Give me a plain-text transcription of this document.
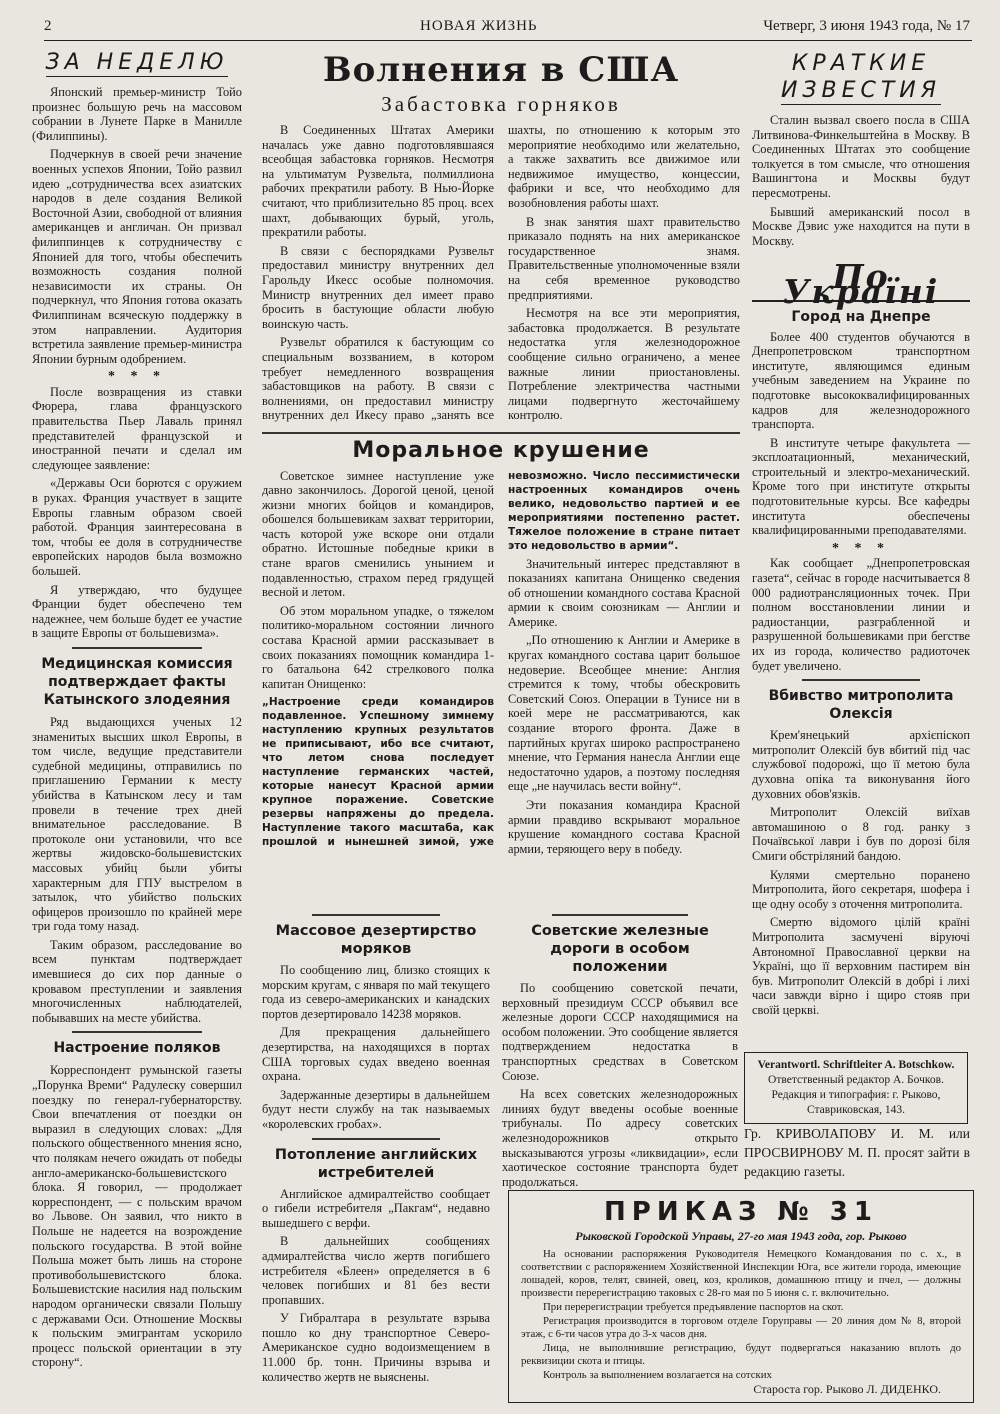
2	НОВАЯ ЖИЗНЬ	Четверг, 3 июня 1943 года, № 17
ЗА НЕДЕЛЮ

Японский премьер-министр Тойо произнес большую речь на массовом собрании в Лунете Парке в Манилле (Филиппины).

Подчеркнув в своей речи значение военных успехов Японии, Тойо развил идею „сотрудничества всех азиатских народов в деле создания Великой Восточной Азии, свободной от влияния американцев и англичан. Он призвал филиппинцев к сотрудничеству с Японией для того, чтобы обеспечить возможность создания полной независимости их страны. Он подчеркнул, что Япония готова оказать Филиппинам всяческую поддержку в этом направлении. Аудитория встретила заявление премьер-министра Японии бурным одобрением.

* * *

После возвращения из ставки Фюрера, глава французского правительства Пьер Лаваль принял представителей французской и иностранной печати и сделал им следующее заявление:

«Державы Оси борются с оружием в руках. Франция участвует в защите Европы главным образом своей работой. Франция заинтересована в том, чтобы ее доля в сотрудничестве европейских народов была возможно большей.

Я утверждаю, что будущее Франции будет обеспечено тем надежнее, чем больше будет ее участие в защите Европы от большевизма».

Медицинская комиссия подтверждает факты Катынского злодеяния

Ряд выдающихся ученых 12 знаменитых высших школ Европы, в том числе, ведущие представители судебной медицины, отправились по приглашению Германии к месту убийства в Катынском лесу и там провели в течение трех дней внимательное расследование. В протоколе они установили, что все жертвы жидовско-большевистских массовых убийц были убиты характерным для ГПУ выстрелом в затылок, что убийство польских офицеров произошло по крайней мере три года тому назад.

Таким образом, расследование во всем пунктам подтверждает имевшиеся до сих пор данные о кровавом преступлении и заявления многочисленных наблюдателей, побывавших на месте убийства.

Настроение поляков

Корреспондент румынской газеты „Порунка Времи“ Радулеску совершил поездку по генерал-губернаторству. Свои впечатления от поездки он выразил в следующих словах: „Для польского общественного мнения ясно, что полякам нечего ожидать от победы англо-американско-большевистского блока. Я говорил, — продолжает корреспондент, — с польским врачом во Львове. Он заявил, что никто в Польше не надеется на возрождение польского государства. В этой войне Польша может быть лишь на стороне противобольшевистского блока. Большевистские насилия над польским народом органически связали Польшу с державами Оси. Отношение Москвы к польским эмигрантам ускорило процесс польской ориентации в эту сторону“.

Волнения в США
Забастовка горняков

В Соединенных Штатах Америки началась уже давно подготовлявшаяся всеобщая забастовка горняков. Несмотря на ультиматум Рузвельта, полмиллиона рабочих прекратили работу. В Нью-Йорке считают, что приблизительно 85 проц. всех шахт, добывающих бурый, уголь, прекратили работы.

В связи с беспорядками Рузвельт предоставил министру внутренних дел Гарольду Икесс особые полномочия. Министр внутренних дел имеет право бросить в бастующие области любую воинскую часть.

Рузвельт обратился к бастующим со специальным воззванием, в котором требует немедленного возвращения забастовщиков на работу. В связи с волнениями, он предоставил министру внутренних дел Икесу право „занять все шахты, по отношению к которым это мероприятие необходимо или желательно, а также захватить все движимое или недвижимое имущество, концессии, фабрики и все, что необходимо для возобновления работы шахт.

В знак занятия шахт правительство приказало поднять на них американское государственное знамя. Правительственные уполномоченные взяли на себя временное руководство предприятиями.

Несмотря на все эти мероприятия, забастовка продолжается. В результате недостатка угля железнодорожное сообщение сильно ограничено, а менее важные линии приостановлены. Потребление электричества частными лицами подвергнуто жесточайшему контролю.

Моральное крушение

Советское зимнее наступление уже давно закончилось. Дорогой ценой, ценой жизни многих бойцов и командиров, обошелся большевикам захват территории, часть которой уже вскоре они отдали обратно. Истошные победные крики в стане врагов сменились унынием и подавленностью, страхом перед грядущей весной и летом.

Об этом моральном упадке, о тяжелом политико-моральном состоянии личного состава Красной армии рассказывает в своих показаниях помощник командира 1-го батальона 642 стрелкового полка капитан Онищенко:

„Настроение среди командиров подавленное. Успешному зимнему наступлению крупных результатов не приписывают, ибо все считают, что летом снова последует наступление германских частей, которые нанесут Красной армии крупное поражение. Советские резервы напряжены до предела. Наступление такого масштаба, как прошлой и нынешней зимой, уже невозможно. Число пессимистически настроенных командиров очень велико, недовольство партией и ее мероприятиями постепенно растет. Тяжелое положение в стране питает это недовольство в армии“.

Значительный интерес представляют в показаниях капитана Онищенко сведения об отношении командного состава Красной армии к своим союзникам — Англии и Америке.

„По отношению к Англии и Америке в кругах командного состава царит большое недоверие. Всеобщее мнение: Англия стремится к тому, чтобы обескровить Советский Союз. Операции в Тунисе ни в коей мере не рассматриваются, как создание второго фронта. Даже в партийных кругах широко распространено мнение, что Германия нанесла Англии еще недостаточно ударов, а поэтому последняя еще „не научилась вести войну“.

Эти показания командира Красной армии правдиво вскрывают моральное крушение командного состава Красной армии, теряющего веру в победу.

Массовое дезертирство моряков

По сообщению лиц, близко стоящих к морским кругам, с января по май текущего года из северо-американских и канадских портов дезертировало 14238 моряков.

Для прекращения дальнейшего дезертирства, на находящихся в портах США торговых судах введено военная охрана.

Задержанные дезертиры в дальнейшем будут нести службу на так называемых «королевских гробах».

Потопление английских истребителей

Английское адмиралтейство сообщает о гибели истребителя „Пакгам“, недавно вышедшего с верфи.

В дальнейших сообщениях адмиралтейства число жертв погибшего истребителя «Блеен» определяется в 6 человек погибших и 81 без вести пропавших.

У Гибралтара в результате взрыва пошло ко дну транспортное Северо-Американское судно водоизмещением в 11.000 бр. тонн. Причины взрыва и количество жертв не выяснены.

Советские железные дороги в особом положении

По сообщению советской печати, верховный президиум СССР объявил все железные дороги СССР находящимися на особом положении. Это сообщение является подтверждением недостатка в транспортных средствах в Советском Союзе.

На всех советских железнодорожных линиях будут введены особые военные трибуналы. По адресу советских железнодорожников открыто высказываются угрозы «ликвидации», если хаотическое состояние транспорта будет продолжаться.

КРАТКИЕ
ИЗВЕСТИЯ

Сталин вызвал своего посла в США Литвинова-Финкельштейна в Москву. В Соединенных Штатах это сообщение толкуется в том смысле, что отношения Вашингтона и Москвы будут пересмотрены.

Бывший американский посол в Москве Дэвис уже находится на пути в Москву.

По Україні
Город на Днепре

Более 400 студентов обучаются в Днепропетровском транспортном институте, являющимся единым учебным заведением на Украине по подготовке высококвалифицированных кадров для железнодорожного транспорта.

В институте четыре факультета — эксплоатационный, механический, строительный и электро-механический. Кроме того при институте открыты подготовительные курсы. Все кафедры института обеспечены квалифицированными преподавателями.

* * *

Как сообщает „Днепропетровская газета“, сейчас в городе насчитывается 8 000 радиотрансляционных точек. При полном восстановлении линии и радиостанции, разграбленной и разрушенной большевиками при бегстве их из города, количество радиоточек будет увеличено.

Вбивство митрополита Олексія

Крем'янецький архієпіскоп митрополит Олексій був вбитий під час службової подорожі, що її метою була духовна опіка та виконування його духовних обов'язків.

Митрополит Олексій виїхав автомашиною о 8 год. ранку з Почаївської лаври і був по дорозі біля Смиги обстріляний бандою.

Кулями смертельно поранено Митрополита, його секретаря, шофера і ще одну особу з оточення митрополита.

Смертю відомого цілій країні Митрополита засмучені віруючі Автономної Православної церкви на Україні, що її верховним пастирем він був. Митрополит Олексій в добрі і лихі часи завжди вірно і щиро стояв при своїй церкві.

Verantwortl. Schriftleiter A. Botschkow.
Ответственный редактор А. Бочков.
Редакция и типография: г. Рыково,
Ставриковская, 143.
Гр. КРИВОЛАПОВУ И. М. или ПРОСВИРНОВУ М. П. просят зайти в редакцию газеты.
ПРИКАЗ № 31
Рыковской Городской Управы, 27-го мая 1943 года, гор. Рыково

На основании распоряжения Руководителя Немецкого Командования по с. х., в соответствии с распоряжением Хозяйственной Инспекции Юга, все жители города, имеющие лошадей, коров, телят, свиней, овец, коз, кроликов, домашнюю птицу и пчел, — должны произвести перерегистрацию таковых с 28-го мая по 5 июня с. г. включительно.

При перерегистрации требуется предъявление паспортов на скот.

Регистрация производится в торговом отделе Горуправы — 20 линия дом № 8, второй этаж, с 6-ти часов утра до 3-х часов дня.

Лица, не выполнившие регистрацию, будут подвергаться наказанию вплоть до реквизиции скота и птицы.

Контроль за выполнением возлагается на сотских

Староста гор. Рыково Л. ДИДЕНКО.
